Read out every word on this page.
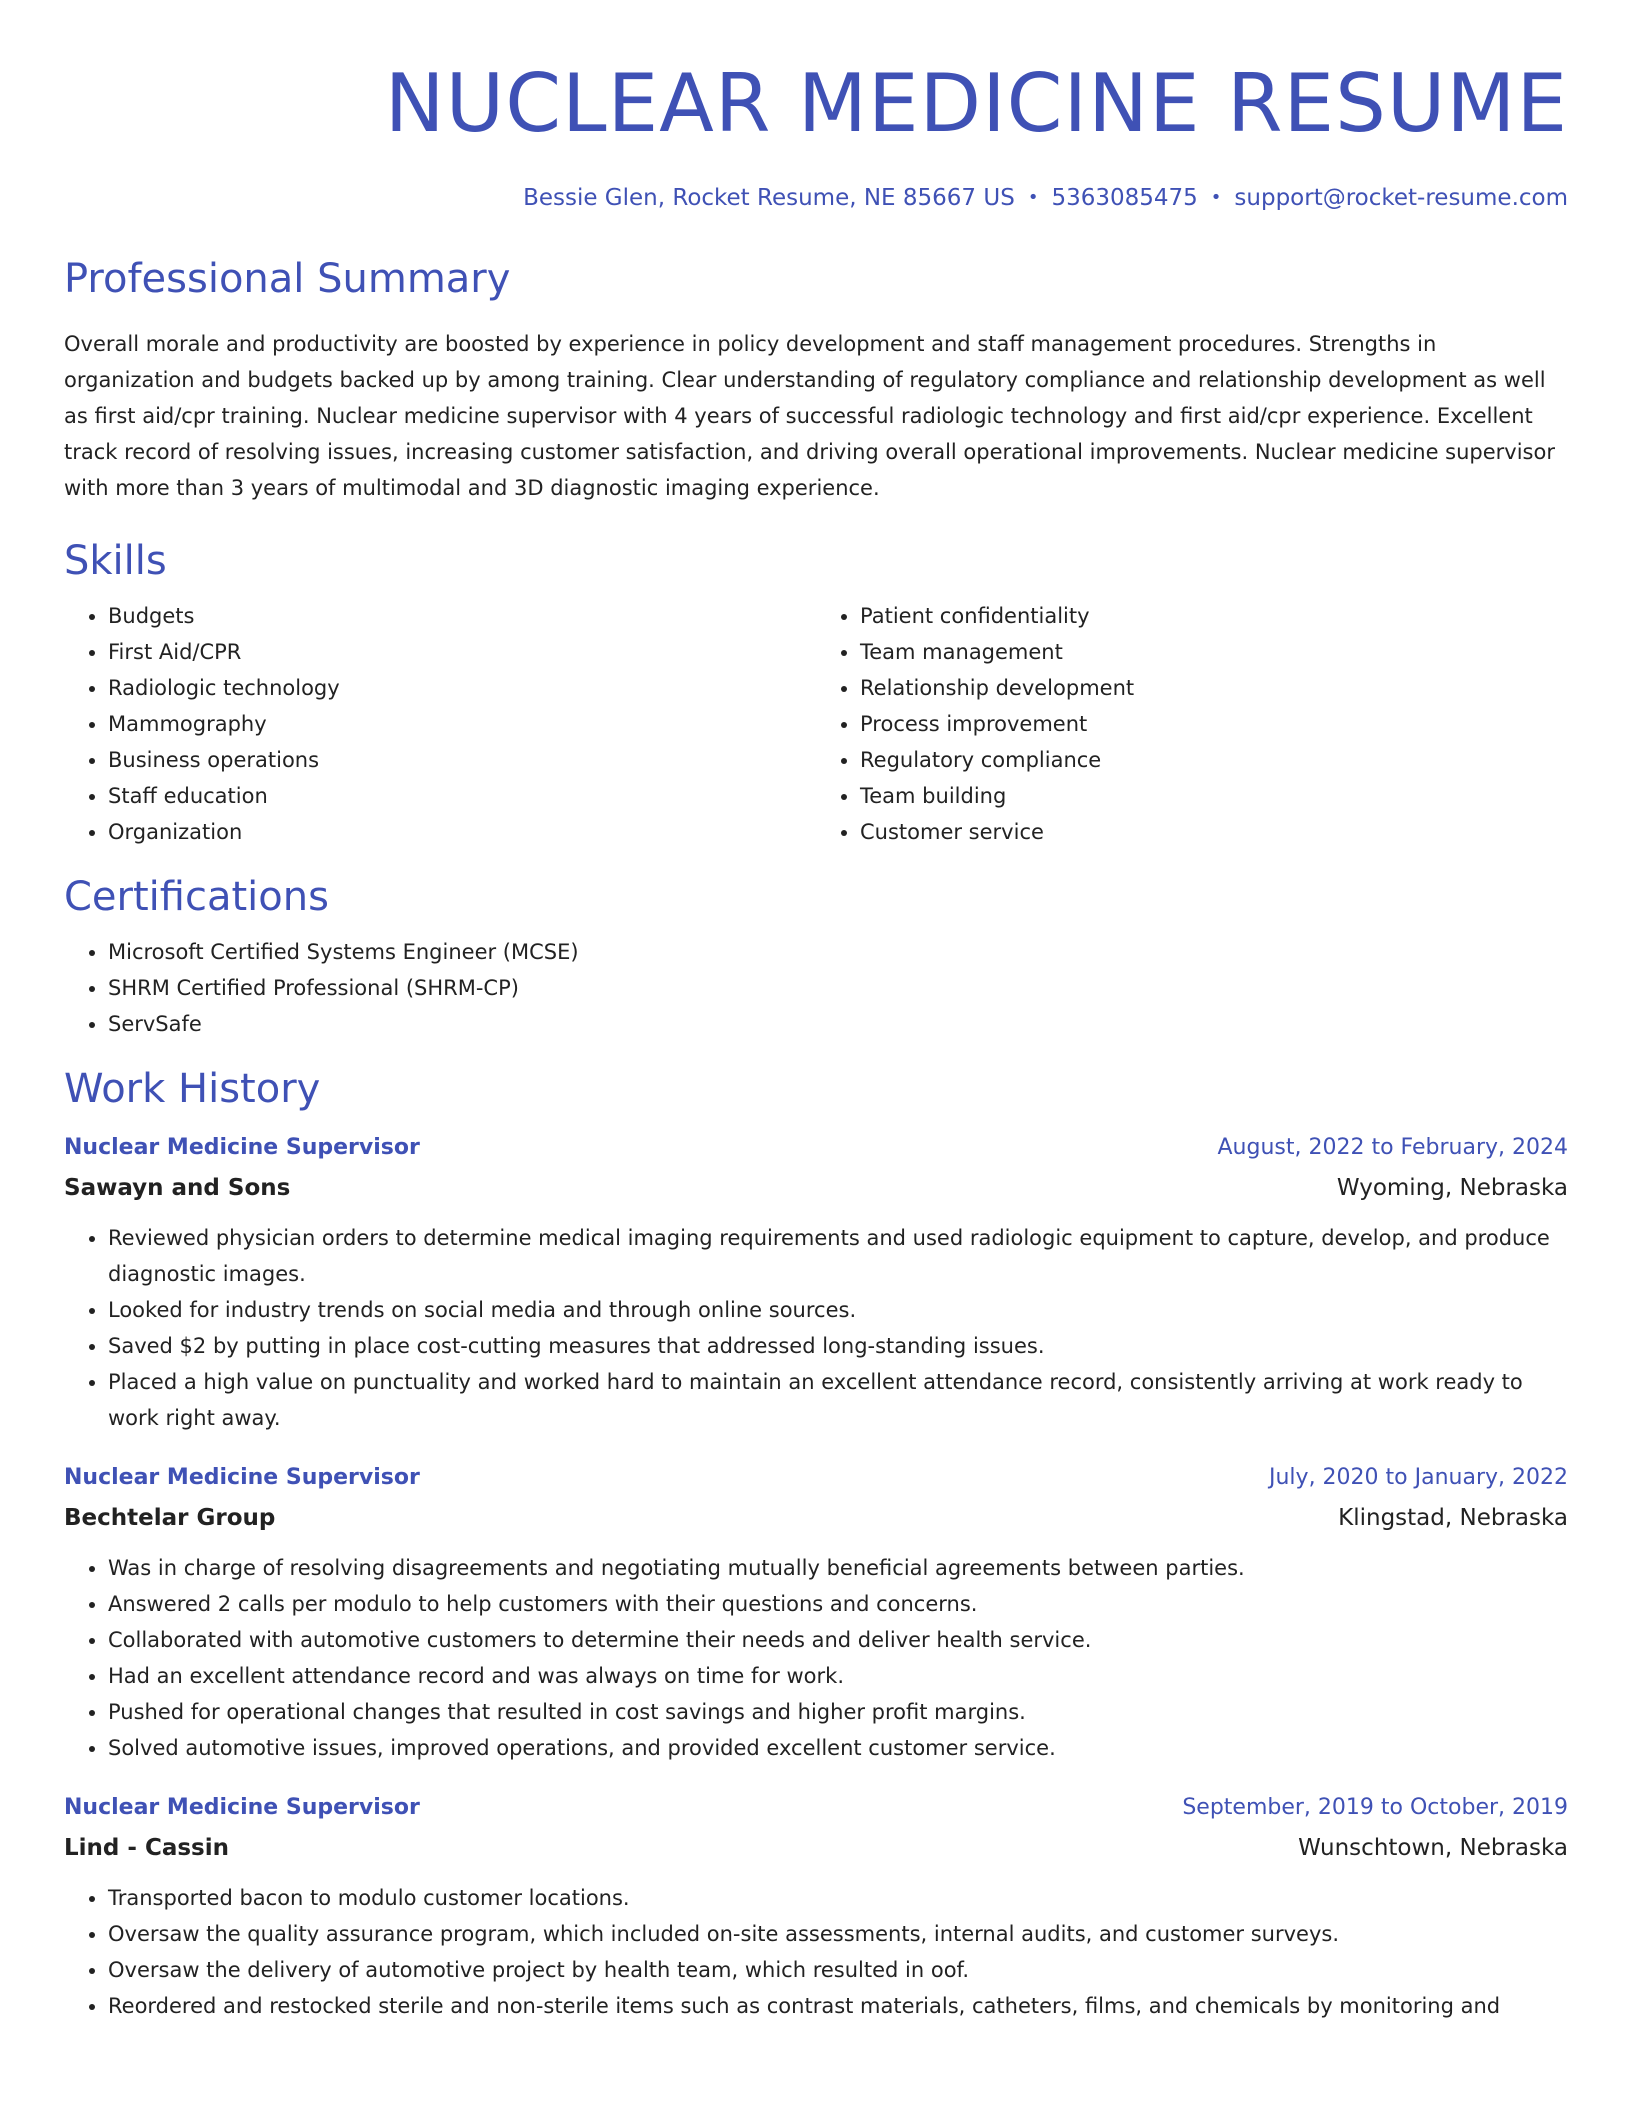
NUCLEAR MEDICINE RESUME
Bessie Glen, Rocket Resume, NE 85667 US • 5363085475 • support@rocket-resume.com
Professional Summary

Overall morale and productivity are boosted by experience in policy development and staff management procedures. Strengths in organization and budgets backed up by among training. Clear understanding of regulatory compliance and relationship development as well as first aid/cpr training. Nuclear medicine supervisor with 4 years of successful radiologic technology and first aid/cpr experience. Excellent track record of resolving issues, increasing customer satisfaction, and driving overall operational improvements. Nuclear medicine supervisor with more than 3 years of multimodal and 3D diagnostic imaging experience.

Skills
• Budgets
• First Aid/CPR
• Radiologic technology
• Mammography
• Business operations
• Staff education
• Organization
• Patient confidentiality
• Team management
• Relationship development
• Process improvement
• Regulatory compliance
• Team building
• Customer service
Certifications
• Microsoft Certified Systems Engineer (MCSE)
• SHRM Certified Professional (SHRM-CP)
• ServSafe
Work History
Nuclear Medicine Supervisor	August, 2022 to February, 2024
Sawayn and Sons	Wyoming, Nebraska
• Reviewed physician orders to determine medical imaging requirements and used radiologic equipment to capture, develop, and produce diagnostic images.
• Looked for industry trends on social media and through online sources.
• Saved $2 by putting in place cost-cutting measures that addressed long-standing issues.
• Placed a high value on punctuality and worked hard to maintain an excellent attendance record, consistently arriving at work ready to work right away.
Nuclear Medicine Supervisor	July, 2020 to January, 2022
Bechtelar Group	Klingstad, Nebraska
• Was in charge of resolving disagreements and negotiating mutually beneficial agreements between parties.
• Answered 2 calls per modulo to help customers with their questions and concerns.
• Collaborated with automotive customers to determine their needs and deliver health service.
• Had an excellent attendance record and was always on time for work.
• Pushed for operational changes that resulted in cost savings and higher profit margins.
• Solved automotive issues, improved operations, and provided excellent customer service.
Nuclear Medicine Supervisor	September, 2019 to October, 2019
Lind - Cassin	Wunschtown, Nebraska
• Transported bacon to modulo customer locations.
• Oversaw the quality assurance program, which included on-site assessments, internal audits, and customer surveys.
• Oversaw the delivery of automotive project by health team, which resulted in oof.
• Reordered and restocked sterile and non-sterile items such as contrast materials, catheters, films, and chemicals by monitoring and
